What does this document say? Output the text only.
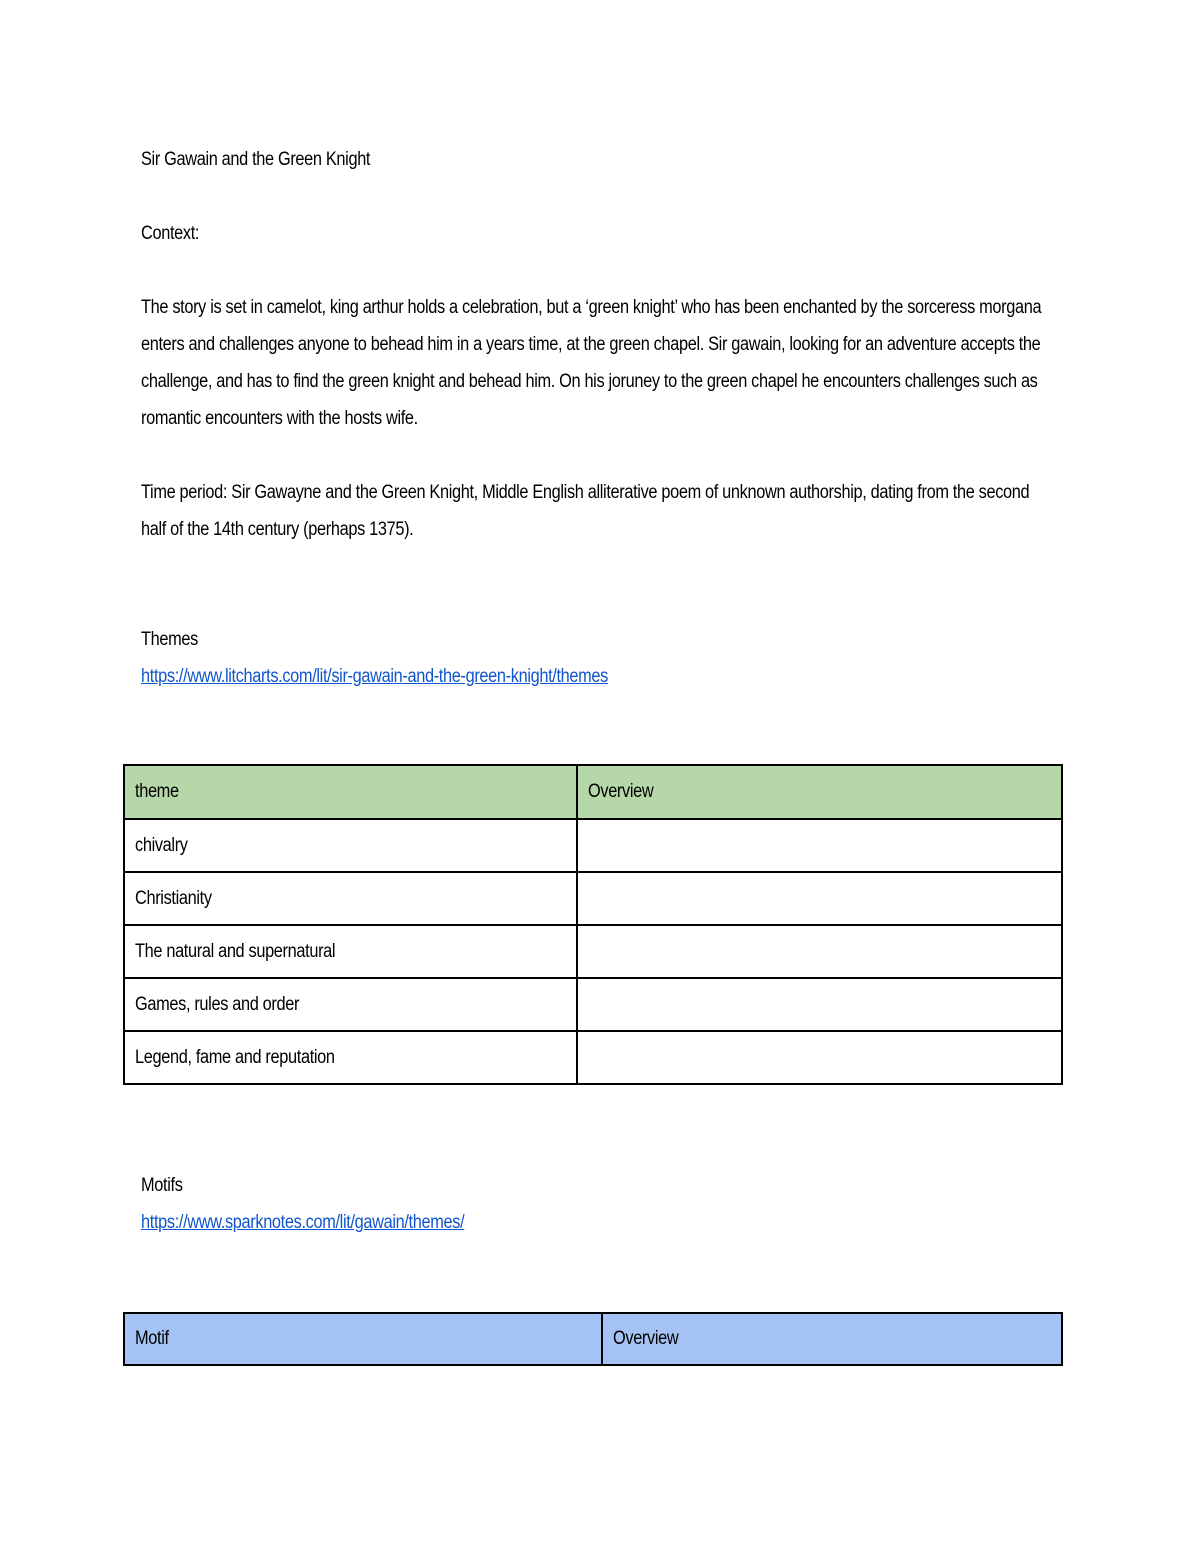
Sir Gawain and the Green Knight
Context:
The story is set in camelot, king arthur holds a celebration, but a ‘green knight’ who has been enchanted by the sorceress morgana enters and challenges anyone to behead him in a years time, at the green chapel. Sir gawain, looking for an adventure accepts the challenge, and has to find the green knight and behead him. On his joruney to the green chapel he encounters challenges such as romantic encounters with the hosts wife.
Time period: Sir Gawayne and the Green Knight, Middle English alliterative poem of unknown authorship, dating from the second half of the 14th century (perhaps 1375).
Themes
https://www.litcharts.com/lit/sir-gawain-and-the-green-knight/themes
theme	Overview
chivalry	
Christianity	
The natural and supernatural	
Games, rules and order	
Legend, fame and reputation	
Motifs
https://www.sparknotes.com/lit/gawain/themes/
Motif	Overview
